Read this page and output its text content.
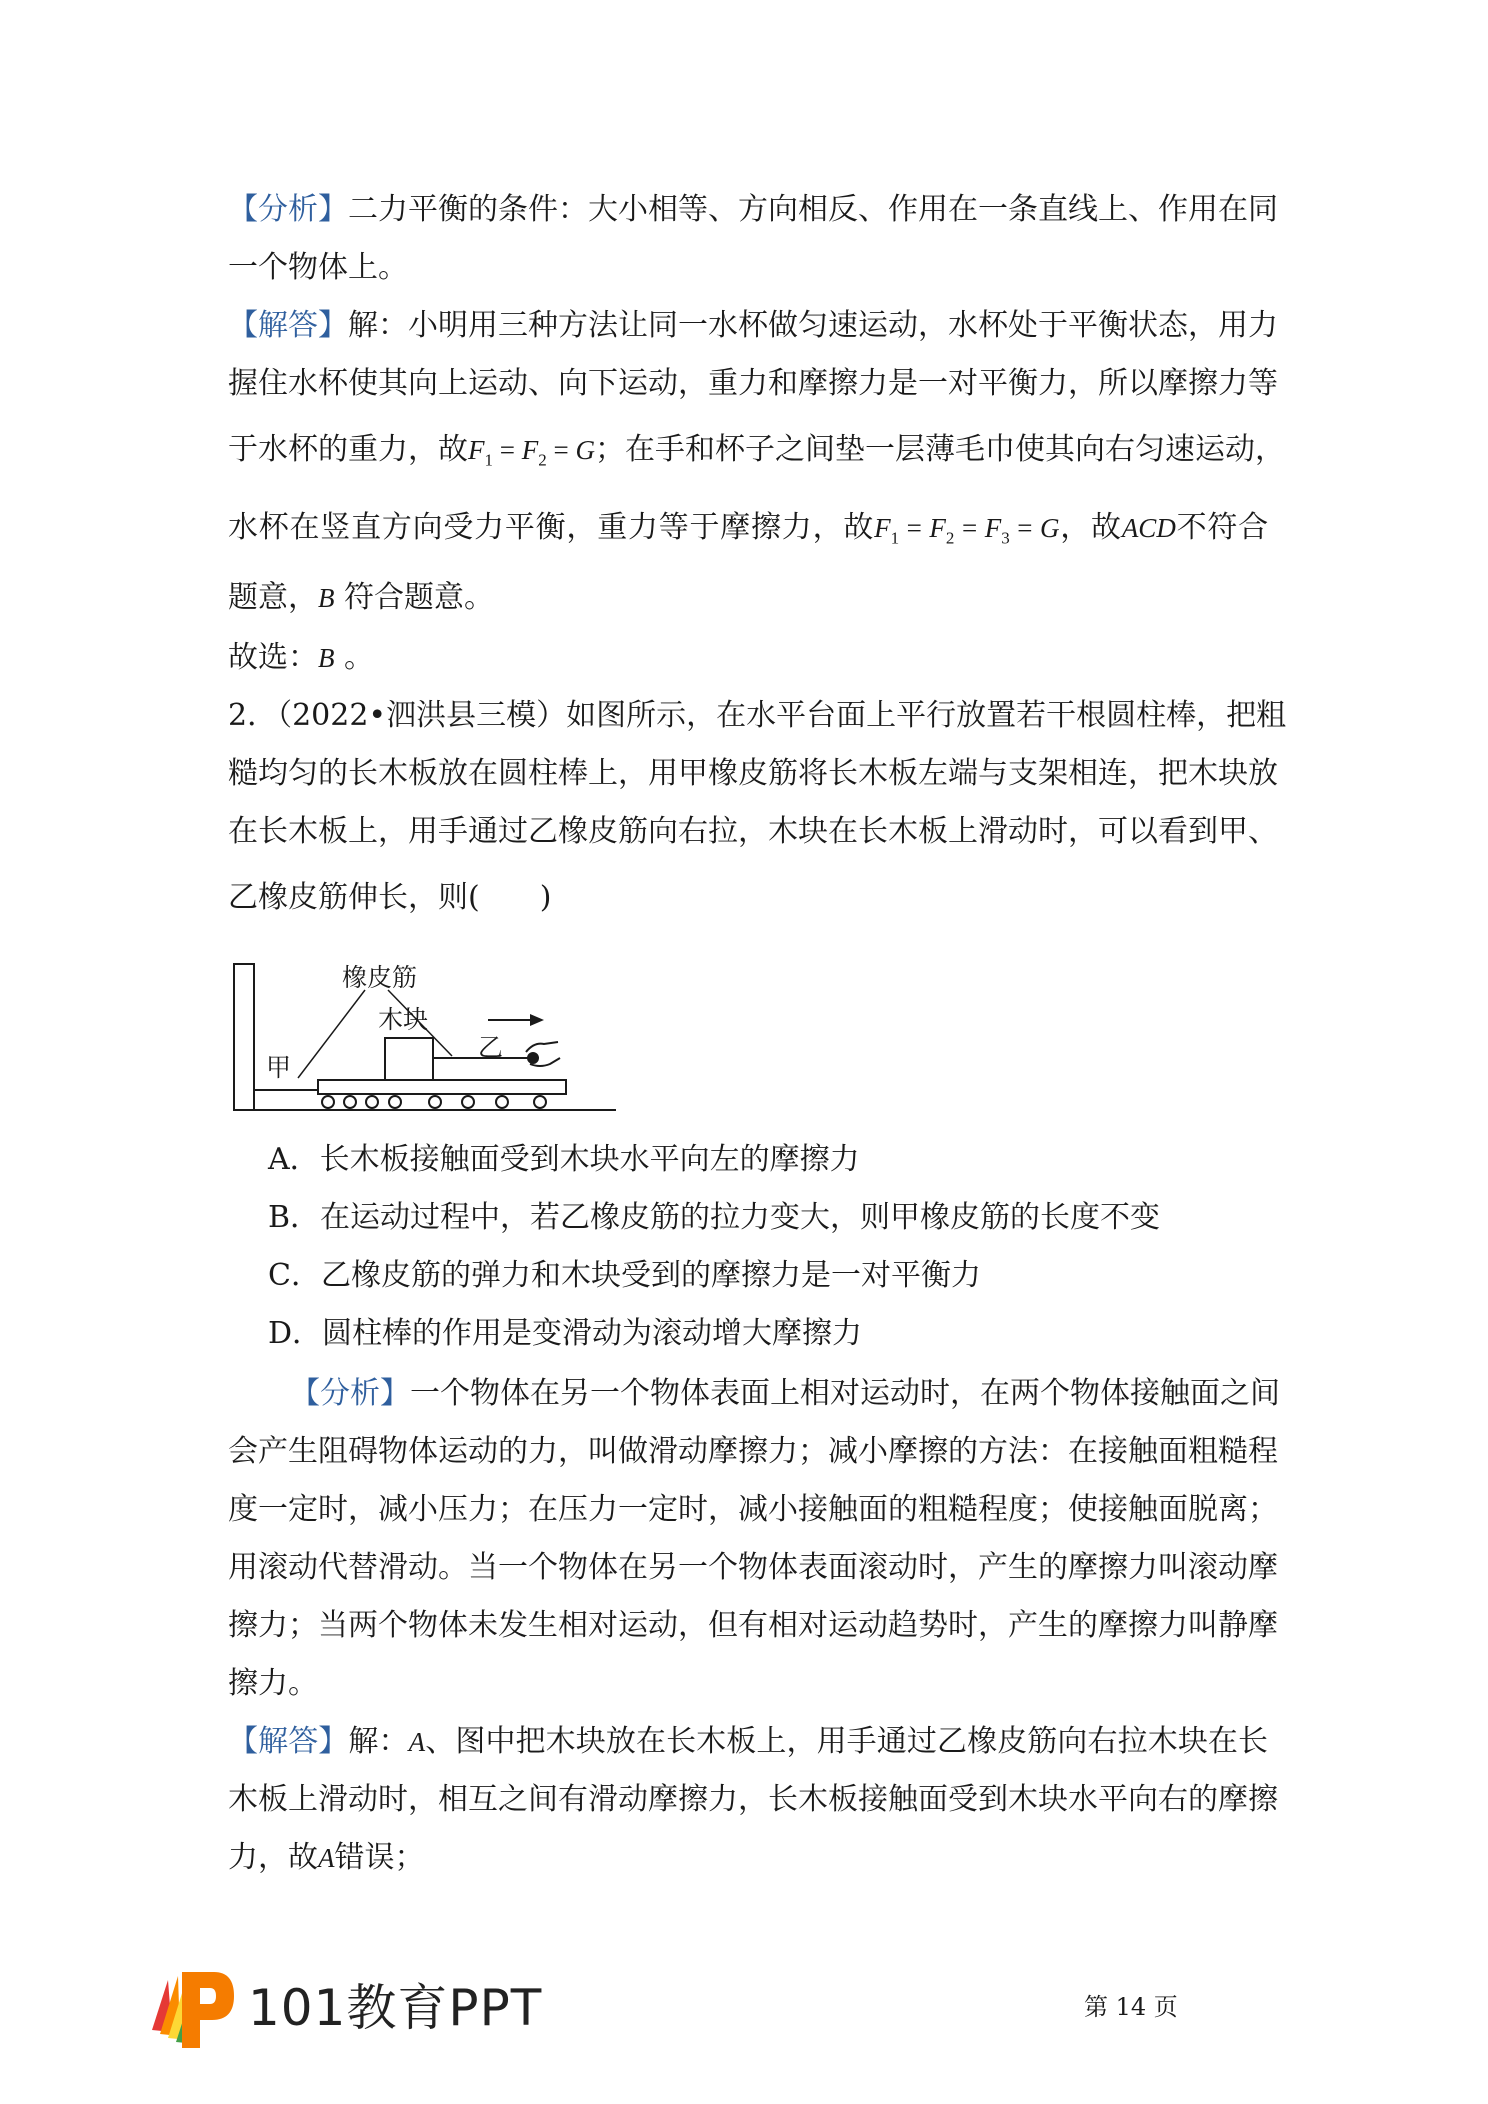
【分析】二力平衡的条件：大小相等、方向相反、作用在一条直线上、作用在同
一个物体上。
【解答】解：小明用三种方法让同一水杯做匀速运动，水杯处于平衡状态，用力
握住水杯使其向上运动、向下运动，重力和摩擦力是一对平衡力，所以摩擦力等
于水杯的重力，故$F_1 = F_2 = G$；在手和杯子之间垫一层薄毛巾使其向右匀速运动，
水杯在竖直方向受力平衡，重力等于摩擦力，故$F_1 = F_2 = F_3 = G$，故ACD不符合
题意，B 符合题意。
故选：B 。
2．（2022•泗洪县三模）如图所示，在水平台面上平行放置若干根圆柱棒，把粗
糙均匀的长木板放在圆柱棒上，用甲橡皮筋将长木板左端与支架相连，把木块放
在长木板上，用手通过乙橡皮筋向右拉，木块在长木板上滑动时，可以看到甲、
乙橡皮筋伸长，则(　　)
橡皮筋
木块
甲
乙
A．长木板接触面受到木块水平向左的摩擦力
B．在运动过程中，若乙橡皮筋的拉力变大，则甲橡皮筋的长度不变
C．乙橡皮筋的弹力和木块受到的摩擦力是一对平衡力
D．圆柱棒的作用是变滑动为滚动增大摩擦力
【分析】一个物体在另一个物体表面上相对运动时，在两个物体接触面之间
会产生阻碍物体运动的力，叫做滑动摩擦力；减小摩擦的方法：在接触面粗糙程
度一定时，减小压力；在压力一定时，减小接触面的粗糙程度；使接触面脱离；
用滚动代替滑动。当一个物体在另一个物体表面滚动时，产生的摩擦力叫滚动摩
擦力；当两个物体未发生相对运动，但有相对运动趋势时，产生的摩擦力叫静摩
擦力。
【解答】解：A、图中把木块放在长木板上，用手通过乙橡皮筋向右拉木块在长
木板上滑动时，相互之间有滑动摩擦力，长木板接触面受到木块水平向右的摩擦
力，故A错误；
101教育PPT	第 14 页
